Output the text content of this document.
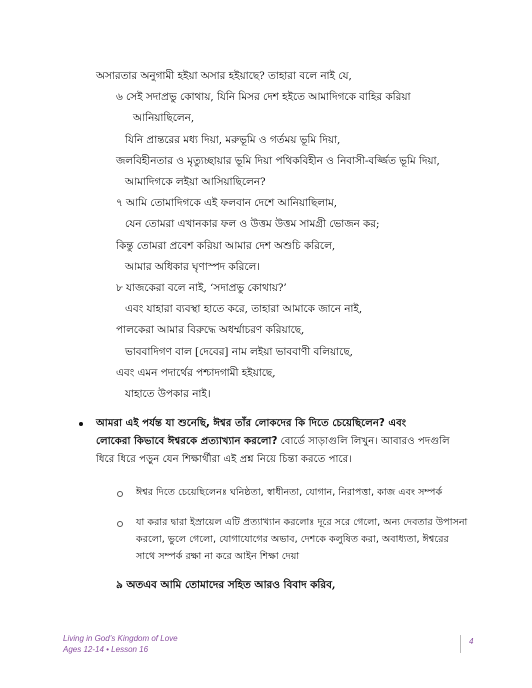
অসারতার অনুগামী হইয়া অসার হইয়াছে? তাহারা বলে নাই যে,
৬ সেই সদাপ্রভু কোথায়, যিনি মিসর দেশ হইতে আমাদিগকে বাহির করিয়া
আনিয়াছিলেন,
যিনি প্রান্তরের মধ্য দিয়া, মরুভূমি ও গর্তময় ভূমি দিয়া,
জলবিহীনতার ও মৃত্যুচ্ছায়ার ভূমি দিয়া পথিকবিহীন ও নিবাসী-বর্জ্জিত ভূমি দিয়া,
আমাদিগকে লইয়া আসিয়াছিলেন?
৭ আমি তোমাদিগকে এই ফলবান দেশে আনিয়াছিলাম,
যেন তোমরা এখানকার ফল ও উত্তম উত্তম সামগ্রী ভোজন কর;
কিন্তু তোমরা প্রবেশ করিয়া আমার দেশ অশুচি করিলে,
আমার অধিকার ঘৃণাস্পদ করিলে।
৮ যাজকেরা বলে নাই, ‘সদাপ্রভু কোথায়?’
এবং যাহারা ব্যবস্থা হাতে করে, তাহারা আমাকে জানে নাই,
পালকেরা আমার বিরুদ্ধে অধর্ম্মাচরণ করিয়াছে,
ভাববাদিগণ বাল [দেবের] নাম লইয়া ভাববাণী বলিয়াছে,
এবং এমন পদার্থের পশ্চাদগামী হইয়াছে,
যাহাতে উপকার নাই।
আমরা এই পর্যন্ত যা শুনেছি, ঈশ্বর তাঁর লোকদের কি দিতে চেয়েছিলেন? এবং
লোকেরা কিভাবে ঈশ্বরকে প্রত্যাখ্যান করলো? বোর্ডে সাড়াগুলি লিখুন। আবারও পদগুলি
ধিরে ধিরে পড়ুন যেন শিক্ষার্থীরা এই প্রশ্ন নিয়ে চিন্তা করতে পারে।
ঈশ্বর দিতে চেয়েছিলেনঃ ঘনিষ্ঠতা, স্বাধীনতা, যোগান, নিরাপত্তা, কাজ এবং সম্পর্ক
যা করার দ্বারা ইস্রায়েল এটি প্রত্যাখ্যান করলোঃ দূরে সরে গেলো, অন্য দেবতার উপাসনা
করলো, ভুলে গেলো, যোগাযোগের অভাব, দেশকে কলুষিত করা, অবাধ্যতা, ঈশ্বরের
সাথে সম্পর্ক রক্ষা না করে আইন শিক্ষা দেয়া
Living in God’s Kingdom of Love
Ages 12-14 • Lesson 16
4
৯ অতএব আমি তোমাদের সহিত আরও বিবাদ করিব,
